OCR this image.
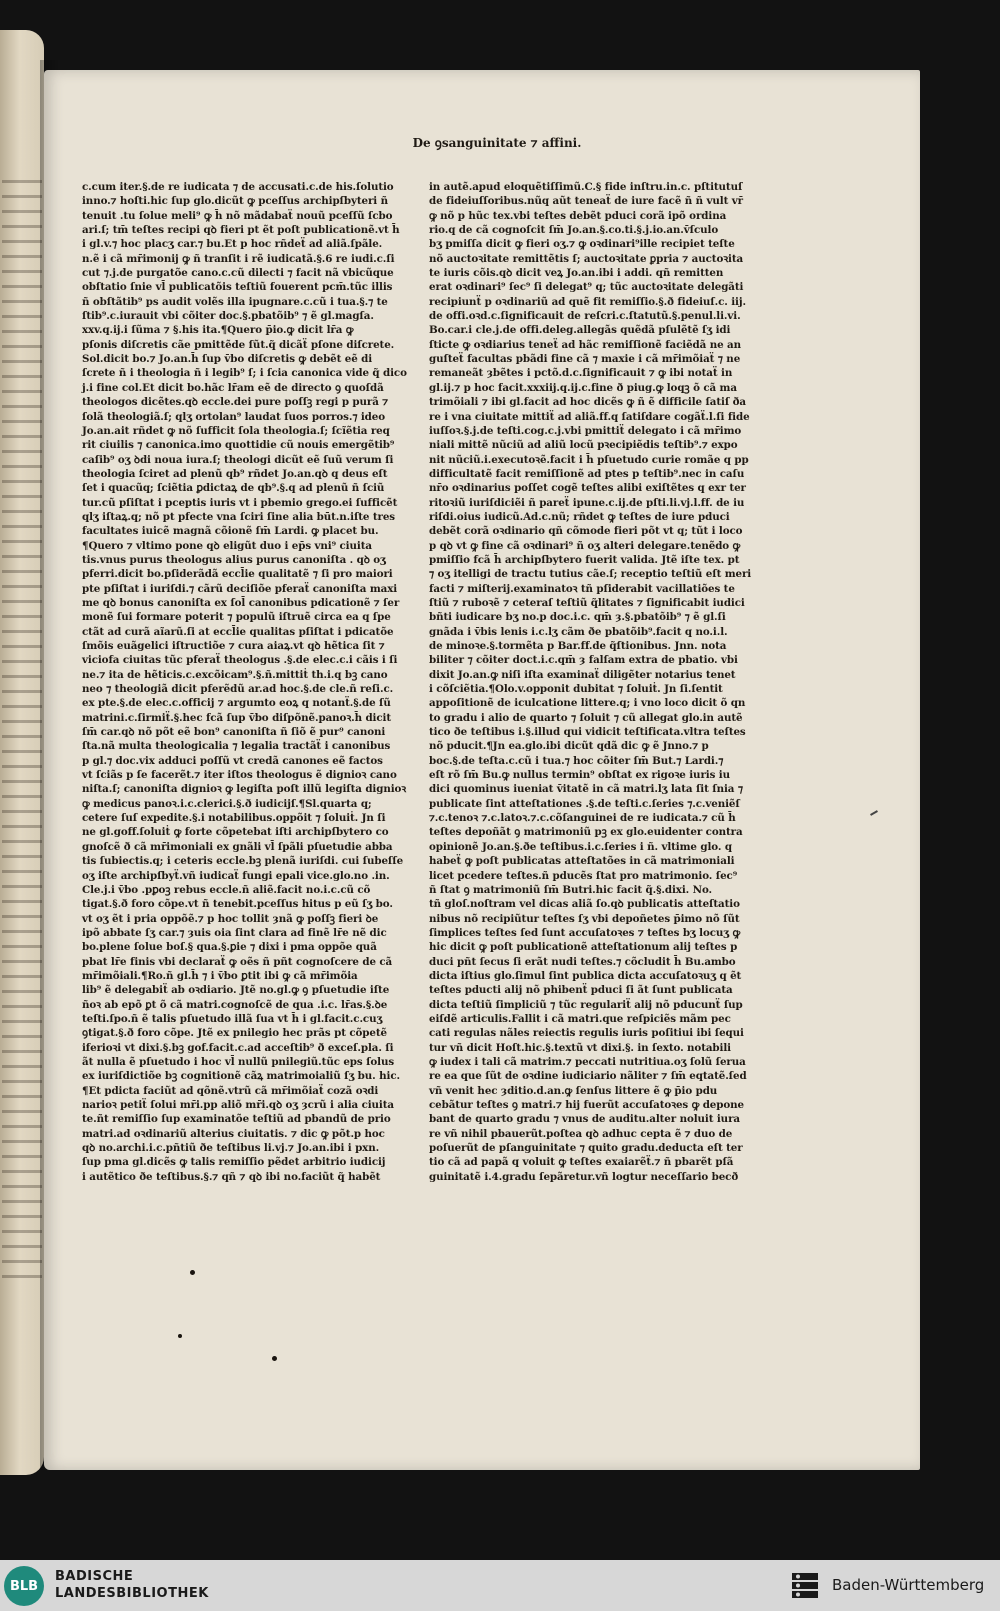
De ꝯsanguinitate ⁊ affini.
c.cum iter.§.de re iudicata ⁊ de accusati.c.de his.ſolutio
inno.⁊ hoſti.hic ſup glo.dicũt ꝙ pceſſus archipſbyteri ñ
tenuit .tu ſolue meli⁹ ꝙ h̄ nõ mãdabaẗ nouũ pceſſũ ſcbo
ari.ſ; tm̄ teſtes recipi qꝺ fieri pt ẽt poſt publicationẽ.vt h̄
i gl.v.⁊ hoc placʒ car.⁊ bu.Et p hoc rñdeẗ ad aliã.ſpãle.
n.ẽ i cã mr̄imonij ꝙ ñ tranſit i rẽ iudicatã.§.6 re iudi.c.ſi
cut ⁊.j.de purgatõe cano.c.cũ dilecti ⁊ facit nã vbicũque
obſtatio ſnie vl̄ publicatõis teſtiũ fouerent pcm̄.tũc illis
ñ obſtãtib⁹ ps audit volẽs illa ipugnare.c.cũ i tua.§.⁊ te
ſtib⁹.c.iurauit vbi cõiter doc.§.pbatõib⁹ ⁊ ẽ gl.magſa.
xxv.q.ij.i ſũma ⁊ §.his ita.¶Quero p̄io.ꝙ dicit lr̄a ꝙ
pſonis diſcretis cãe pmittẽde ſũt.q̃ dicãẗ pſone diſcrete.
Sol.dicit bo.⁊ Jo.an.h̄ ſup v̄bo diſcretis ꝙ debẽt eẽ di
ſcrete ñ i theologia ñ i legib⁹ ſ; i ſcia canonica vide q̃ dico
j.i fine col.Et dicit bo.hãc lr̄am eẽ de directo ꝯ quoſdã
theologos dicẽtes.qꝺ eccle.dei pure poſſꝫ regi p purã ⁊
ſolã theologiã.ſ; qlʒ ortolan⁹ laudat ſuos porros.⁊ ideo
Jo.an.ait rñdet ꝙ nõ ſufficit ſola theologia.ſ; ſcĩẽtia req
rit ciuilis ⁊ canonica.imo quottidie cũ nouis emergẽtib⁹
caſib⁹ oʒ ꝺdi noua iura.ſ; theologi dicũt eẽ ſuũ verum ſi
theologia ſciret ad plenũ qb⁹ rñdet Jo.an.qꝺ q deus eſt
ſet i quacũq; ſciẽtia ꝑdictaꝝ de qb⁹.§.q ad plenũ ñ ſciũ
tur.cũ pſiſtat i pceptis iuris vt i pbemio grego.ei ſufficẽt
qlʒ iſtaꝝ.q; nõ pt pfecte vna ſciri ſine alia būt.n.iſte tres
facultates iuicẽ magnã cõionẽ ſm̄ Lardi. ꝙ placet bu.
¶Quero ⁊ vltimo pone qꝺ eligũt duo i ep̄s vni⁹ ciuita
tis.vnus purus theologus alius purus canoniſta . qꝺ oʒ
pferri.dicit bo.pſiderãdã eccl̄ie qualitatẽ ⁊ ſi pro maiori
pte pſiſtat i iuriſdi.⁊ cãrũ deciſiõe pferaẗ canoniſta maxi
me qꝺ bonus canoniſta ex ſol̄ canonibus pdicationẽ ⁊ ſer
monẽ ſui formare poterit ⁊ populũ iſtruẽ circa ea q ſpe
ctãt ad curã aĩarũ.ſi at eccl̄ie qualitas pſiſtat i pdicatõe
ſmõis euãgelici iſtructiõe ⁊ cura aiaꝝ.vt qꝺ hẽtica ſit ⁊
viciofa ciuitas tũc pferaẗ theologus .§.de elec.c.i cãis i ſi
ne.⁊ ita de hẽticis.c.excõicam⁹.§.ñ.mittiṫ th.i.q bꝫ cano
neo ⁊ theologiã dicit pferẽdũ ar.ad hoc.§.de cle.ñ reſi.c.
ex pte.§.de elec.c.officij ⁊ argumto eoꝝ q notanẗ.§.de ſũ
matrini.c.ſirmiẗ.§.hec fcã ſup v̄bo diſpõnẽ.panoꝛ.h̄ dicit
ſm̄ car.qꝺ nõ põt eẽ bon⁹ canoniſta ñ ſiõ ẽ pur⁹ canoni
ſta.nã multa theologicalia ⁊ legalia tractãẗ i canonibus
p gl.⁊ doc.vix adduci poſſũ vt credã canones eẽ factos
vt ſciãs p ſe facerẽt.⁊ iter iſtos theologus ẽ dignioꝛ cano
niſta.ſ; canoniſta dignioꝛ ꝙ legiſta poſt illũ legiſta dignioꝛ
ꝙ medicus panoꝛ.i.c.clerici.§.ð iudicijſ.¶Sl.quarta q;
cetere ſuſ expedite.§.i notabilibus.oppõit ⁊ ſoluiṫ. Jn ſi
ne gl.goff.ſoluiṫ ꝙ forte cõpetebat iſti archipſbytero co
gnoſcẽ ð cã mr̄imoniali ex gnãli vl̄ ſpãli pſuetudie abba
tis ſubiectis.q; i ceteris eccle.bꝫ plenã iuriſdi. cui ſubeſſe
oʒ iſte archipſbyẗ.vñ iudicaẗ fungi epali vice.glo.no .in.
Cle.j.i v̄bo .pꝑoꝫ rebus eccle.ñ aliẽ.facit no.i.c.cũ cõ
tigat.§.ð foro cõpe.vt ñ tenebit.pceſſus hitus p eũ ſʒ bo.
vt oʒ ẽt i pria oppõẽ.⁊ p hoc tollit ȝnã ꝙ poſſꝫ fieri ꝺe
ipõ abbate ſʒ car.⁊ ȝuis oia ſint clara ad finẽ lr̄e nẽ dic
bo.plene ſolue boſ.§ qua.§.ꝑie ⁊ dixi i pma oppõe quã
pbat lr̄e finis vbi declaraẗ ꝙ oẽs ñ pñt cognoſcere de cã
mr̄imõiali.¶Ro.ñ gl.h̄ ⁊ i v̄bo ꝑtit ibi ꝙ cã mr̄imõia
lib⁹ ẽ delegabiẗ ab oꝛdiario. Jtẽ no.gl.ꝙ ꝯ pſuetudie iſte
ñoꝛ ab epõ ꝑt õ cã matri.cognoſcẽ de qua .i.c. lr̄as.§.ꝺe
teſti.ſpo.ñ ẽ talis pſuetudo illã ſua vt h̄ i gl.facit.c.cuʒ
ꝯtigat.§.ð foro cõpe. Jtẽ ex pnilegio hec prãs pt cõpetẽ
iferioꝛi vt dixi.§.bꝫ gof.facit.c.ad acceſtib⁹ ð exceſ.pla. ſi
ãt nulla ẽ pſuetudo i hoc vl̄ nullũ pnilegiũ.tũc eps ſolus
ex iuriſdictiõe bꝫ cognitionẽ cãꝝ matrimoialiũ ſʒ bu. hic.
¶Et pdicta faciũt ad qõnẽ.vtrũ cã mr̄imõiaẗ cozã oꝛdi
narioꝛ petiẗ ſolui mr̄i.pp aliõ mr̄i.qꝺ oʒ ȝcrũ i alia ciuita
te.ñt remiſſio ſup examinatõe teſtiũ ad pbandũ de prio
matri.ad oꝛdinariũ alterius ciuitatis. ⁊ dic ꝙ põt.p hoc
qꝺ no.archi.i.c.pñtiũ ðe teſtibus li.vj.⁊ Jo.an.ibi i pxn.
ſup pma gl.dicẽs ꝙ talis remiſſio pẽdet arbitrio iudicij
i autẽtico ðe teſtibus.§.⁊ qñ ⁊ qꝺ ibi no.faciũt q̃ habẽt
in autẽ.apud eloquẽtiſſimũ.C.§ fide inſtru.in.c. pſtitutuſ
de fideiuſſoribus.nũq aũt teneaẗ de iure facẽ ñ ñ vult vr̄
ꝙ nõ p hũc tex.vbi teſtes debẽt pduci corã ipõ ordina
rio.q de cã cognoſcit ſm̄ Jo.an.§.co.ti.§.j.io.an.v̄ſculo
bʒ pmiſſa dicit ꝙ fieri oʒ.⁊ ꝙ oꝛdinari⁹ille recipiet teſte
nõ auctoꝛitate remittẽtis ſ; auctoꝛitate ꝑpria ⁊ auctoꝛita
te iuris cõis.qꝺ dicit veꝝ Jo.an.ibi i addi. qñ remitten
erat oꝛdinari⁹ ſec⁹ ſi delegat⁹ q; tũc auctoꝛitate delegãti
recipiunẗ p oꝛdinariũ ad quẽ fit remiſſio.§.ð fideiuſ.c. iij.
de offi.oꝛd.c.ſignificauit de reſcri.c.ſtatutũ.§.penul.li.vi.
Bo.car.i cle.j.de offi.deleg.allegãs quẽdã pſulẽtẽ ſʒ idi
ſticte ꝙ oꝛdiarius teneẗ ad hãc remiſſionẽ faciẽdã ne an
guſteẗ facultas pbãdi fine cã ⁊ maxie i cã mr̄imõiaẗ ⁊ ne
remaneãt ȝbẽtes i pctõ.d.c.ſignificauit ⁊ ꝙ ibi notaẗ in
gl.ij.⁊ p hoc facit.xxxiij.q.ij.c.fine ð piug.ꝙ loqꝫ õ cã ma
trimõiali ⁊ ibi gl.facit ad hoc dicẽs ꝙ ñ ẽ difficile ſatiſ ða
re i vna ciuitate mittiẗ ad aliã.ff.q ſatiſdare cogãẗ.l.ſi fide
iuſſoꝛ.§.j.de teſti.cog.c.j.vbi pmittiẗ delegato i cã mr̄imo
niali mittẽ nũciũ ad aliũ locũ pꝛecipiẽdis teſtib⁹.⁊ expo
nit nũciũ.i.executoꝛẽ.facit i h̄ pſuetudo curie romãe q pp
difficultatẽ facit remiſſionẽ ad ptes p teſtib⁹.nec in caſu
nr̄o oꝛdinarius poſſet cogẽ teſtes alibi exiſtẽtes q exr ter
ritoꝛiũ iuriſdiciẽi ñ pareẗ ipune.c.ij.de pſti.li.vj.l.ff. de iu
riſdi.oius iudicũ.Ad.c.nũ; rñdet ꝙ teſtes de iure pduci
debẽt corã oꝛdinario qñ cõmode fieri põt vt q; tũt i loco
p qꝺ vt ꝙ fine cã oꝛdinari⁹ ñ oʒ alteri delegare.tenẽdo ꝙ
pmiſſio fcã h̄ archipſbytero fuerit valida. Jtẽ iſte tex. pt
⁊ oʒ itelligi de tractu tutius cãe.ſ; receptio teſtiũ eſt meri
facti ⁊ miſterij.examinatoꝛ tñ pſiderabit vacillatiões te
ſtiũ ⁊ ruboꝛẽ ⁊ ceteraſ teſtiũ q̃litates ⁊ ſignificabit iudici
bñti iudicare bʒ no.p doc.i.c. qm̄ ȝ.§.pbatõib⁹ ⁊ ẽ gl.ſi
gnãda i v̄bis lenis i.c.lʒ cãm ðe pbatõib⁹.facit q no.i.l.
de minoꝛe.§.tormẽta p Bar.ff.de q̃ſtionibus. Jnn. nota
biliter ⁊ cõiter doct.i.c.qm̄ ȝ falſam extra de pbatio. vbi
dixit Jo.an.ꝙ niſi iſta examinaẗ diligẽter notarius tenet
i cõſciẽtia.¶Olo.v.opponit dubitat ⁊ ſoluiṫ. Jn ſi.ſentit
appoſitionẽ de iculcatione littere.q; i vno loco dicit õ qn
to gradu i alio de quarto ⁊ ſoluit ⁊ cũ allegat glo.in autẽ
tico ðe teſtibus i.§.illud qui vidicit teſtificata.vltra teſtes
nõ pducit.¶Jn ea.glo.ibi dicũt qdã dic ꝙ ẽ Jnno.⁊ p
boc.§.de teſta.c.cũ i tua.⁊ hoc cõiter ſm̄ But.⁊ Lardi.⁊
eſt rõ ſm̄ Bu.ꝙ nullus termin⁹ obſtat ex rigoꝛe iuris iu
dici quominus iueniat v̄itatẽ in cã matri.lʒ lata ſit ſnia ⁊
publicate ſint atteſtationes .§.de teſti.c.ſeries ⁊.c.veniẽſ
⁊.c.tenoꝛ ⁊.c.latoꝛ.⁊.c.cõſanguinei de re iudicata.⁊ cũ h̄
teſtes depoñãt ꝯ matrimoniũ pꝫ ex glo.euidenter contra
opinionẽ Jo.an.§.ðe teſtibus.i.c.ſeries i ñ. vltime glo. q
habeẗ ꝙ poſt publicatas atteſtatões in cã matrimoniali
licet pcedere teſtes.ñ pducẽs ſtat pro matrimonio. ſec⁹
ñ ſtat ꝯ matrimoniũ ſm̄ Butri.hic facit q̃.§.dixi. No.
tñ gloſ.noſtram vel dicas aliã ſo.qꝺ publicatis atteſtatio
nibus nõ recipiũtur teſtes ſʒ vbi depoñetes p̄imo nõ ſũt
ſimplices teſtes ſed ſunt accuſatoꝛes ⁊ teſtes bʒ locuʒ ꝙ
hic dicit ꝙ poſt publicationẽ atteſtationum alij teſtes p
duci pñt ſecus ſi erãt nudi teſtes.⁊ cõcludit h̄ Bu.ambo
dicta iſtius glo.ſimul ſint publica dicta accuſatoꝛuʒ q ẽt
teſtes pducti alij nõ phibenẗ pduci ſi ãt ſunt publicata
dicta teſtiũ ſimpliciũ ⁊ tũc regulariẗ alij nõ pducunẗ ſup
eiſdẽ articulis.Fallit i cã matri.que reſpiciẽs mãm pec
cati regulas nãles reiectis regulis iuris poſitiui ibi ſequi
tur vñ dicit Hoſt.hic.§.textũ vt dixi.§. in ſexto. notabili
ꝙ iudex i tali cã matrim.⁊ peccati nutritiua.oʒ ſolũ ſerua
re ea que ſũt de oꝛdine iudiciario nãliter ⁊ ſm̄ eqtatẽ.ſed
vñ venit hec ȝditio.d.an.ꝙ ſenſus littere ẽ ꝙ p̄io pdu
cebãtur teſtes ꝯ matri.⁊ hij fuerũt accuſatoꝛes ꝙ depone
bant de quarto gradu ⁊ vnus de auditu.alter noluit iura
re vñ nihil pbauerũt.poſtea qꝺ adhuc cepta ẽ ⁊ duo de
poſuerũt de pſanguinitate ⁊ quito gradu.deducta eſt ter
tio cã ad papã q voluit ꝙ teſtes exaiarẽẗ.⁊ ñ pbarẽt pſã
guinitatẽ i.4.gradu ſepãretur.vñ logtur neceſſario becð
BLB
BADISCHE
LANDESBIBLIOTHEK	Baden-Württemberg
